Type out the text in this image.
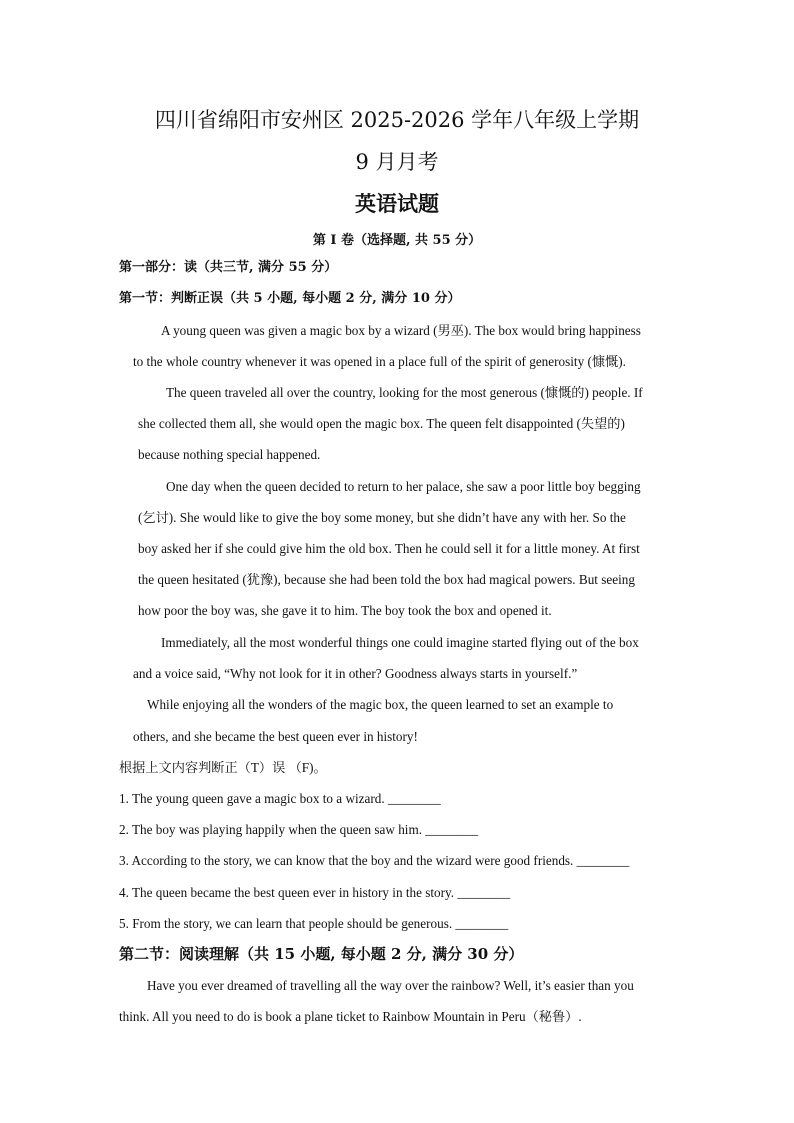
四川省绵阳市安州区 2025-2026 学年八年级上学期
9 月月考
英语试题
第 I 卷（选择题, 共 55 分）
第一部分：读（共三节, 满分 55 分）
第一节：判断正误（共 5 小题, 每小题 2 分, 满分 10 分）
A young queen was given a magic box by a wizard (男巫). The box would bring happiness
to the whole country whenever it was opened in a place full of the spirit of generosity (慷慨).
The queen traveled all over the country, looking for the most generous (慷慨的) people. If
she collected them all, she would open the magic box. The queen felt disappointed (失望的)
because nothing special happened.
One day when the queen decided to return to her palace, she saw a poor little boy begging
(乞讨). She would like to give the boy some money, but she didn’t have any with her. So the
boy asked her if she could give him the old box. Then he could sell it for a little money. At first
the queen hesitated (犹豫), because she had been told the box had magical powers. But seeing
how poor the boy was, she gave it to him. The boy took the box and opened it.
Immediately, all the most wonderful things one could imagine started flying out of the box
and a voice said, “Why not look for it in other? Goodness always starts in yourself.”
While enjoying all the wonders of the magic box, the queen learned to set an example to
others, and she became the best queen ever in history!
根据上文内容判断正（T）误 （F)。
1. The young queen gave a magic box to a wizard. ________
2. The boy was playing happily when the queen saw him. ________
3. According to the story, we can know that the boy and the wizard were good friends. ________
4. The queen became the best queen ever in history in the story. ________
5. From the story, we can learn that people should be generous. ________
第二节：阅读理解（共 15 小题, 每小题 2 分, 满分 30 分）
Have you ever dreamed of travelling all the way over the rainbow? Well, it’s easier than you
think. All you need to do is book a plane ticket to Rainbow Mountain in Peru（秘鲁）.
